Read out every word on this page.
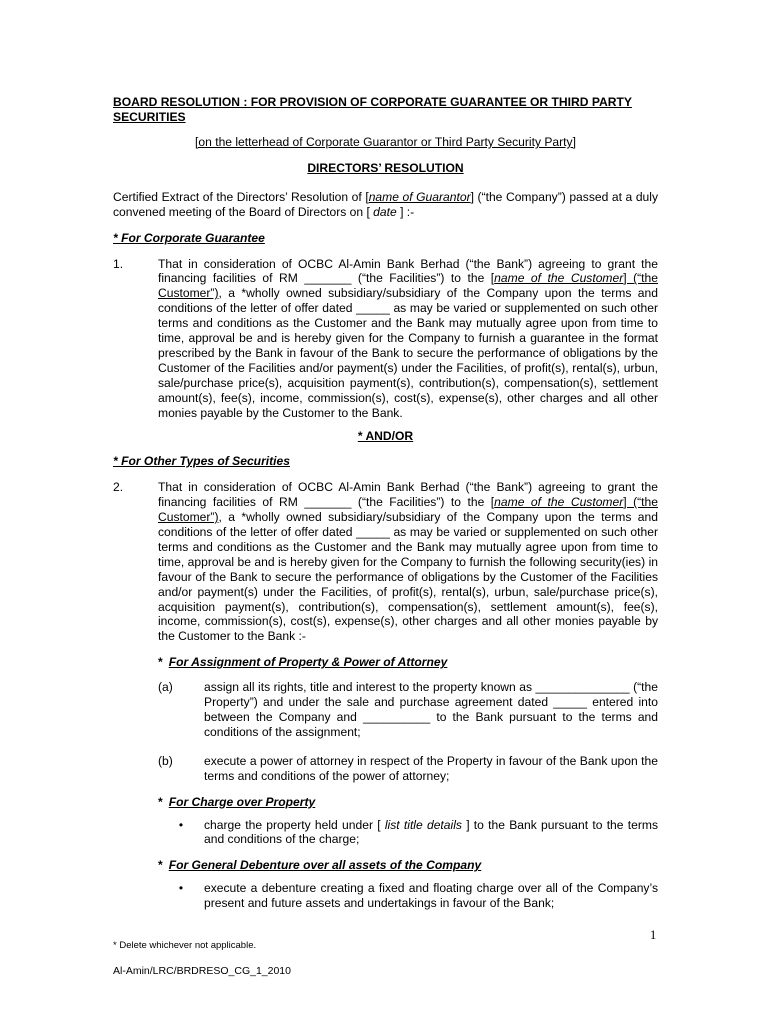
BOARD RESOLUTION : FOR PROVISION OF CORPORATE GUARANTEE OR THIRD PARTY SECURITIES

[on the letterhead of Corporate Guarantor or Third Party Security Party]

DIRECTORS’ RESOLUTION

Certified Extract of the Directors’ Resolution of [name of Guarantor] (“the Company”) passed at a duly convened meeting of the Board of Directors on [ date ] :-

* For Corporate Guarantee

1.	That in consideration of OCBC Al-Amin Bank Berhad (“the Bank”) agreeing to grant the financing facilities of RM _______ (“the Facilities”) to the [name of the Customer] (“the Customer”), a *wholly owned subsidiary/subsidiary of the Company upon the terms and conditions of the letter of offer dated _____ as may be varied or supplemented on such other terms and conditions as the Customer and the Bank may mutually agree upon from time to time, approval be and is hereby given for the Company to furnish a guarantee in the format prescribed by the Bank in favour of the Bank to secure the performance of obligations by the Customer of the Facilities and/or payment(s) under the Facilities, of profit(s), rental(s), urbun, sale/purchase price(s), acquisition payment(s), contribution(s), compensation(s), settlement amount(s), fee(s), income, commission(s), cost(s), expense(s), other charges and all other monies payable by the Customer to the Bank.

* AND/OR

* For Other Types of Securities

2.	That in consideration of OCBC Al-Amin Bank Berhad (“the Bank”) agreeing to grant the financing facilities of RM _______ (“the Facilities”) to the [name of the Customer] (“the Customer”), a *wholly owned subsidiary/subsidiary of the Company upon the terms and conditions of the letter of offer dated _____ as may be varied or supplemented on such other terms and conditions as the Customer and the Bank may mutually agree upon from time to time, approval be and is hereby given for the Company to furnish the following security(ies) in favour of the Bank to secure the performance of obligations by the Customer of the Facilities and/or payment(s) under the Facilities, of profit(s), rental(s), urbun, sale/purchase price(s), acquisition payment(s), contribution(s), compensation(s), settlement amount(s), fee(s), income, commission(s), cost(s), expense(s), other charges and all other monies payable by the Customer to the Bank :-

* For Assignment of Property & Power of Attorney

(a)	assign all its rights, title and interest to the property known as ______________ (“the Property”) and under the sale and purchase agreement dated _____ entered into between the Company and __________ to the Bank pursuant to the terms and conditions of the assignment;
(b)	execute a power of attorney in respect of the Property in favour of the Bank upon the terms and conditions of the power of attorney;

* For Charge over Property

•	charge the property held under [ list title details ] to the Bank pursuant to the terms and conditions of the charge;

* For General Debenture over all assets of the Company

•	execute a debenture creating a fixed and floating charge over all of the Company’s present and future assets and undertakings in favour of the Bank;
1
* Delete whichever not applicable.
Al-Amin/LRC/BRDRESO_CG_1_2010
